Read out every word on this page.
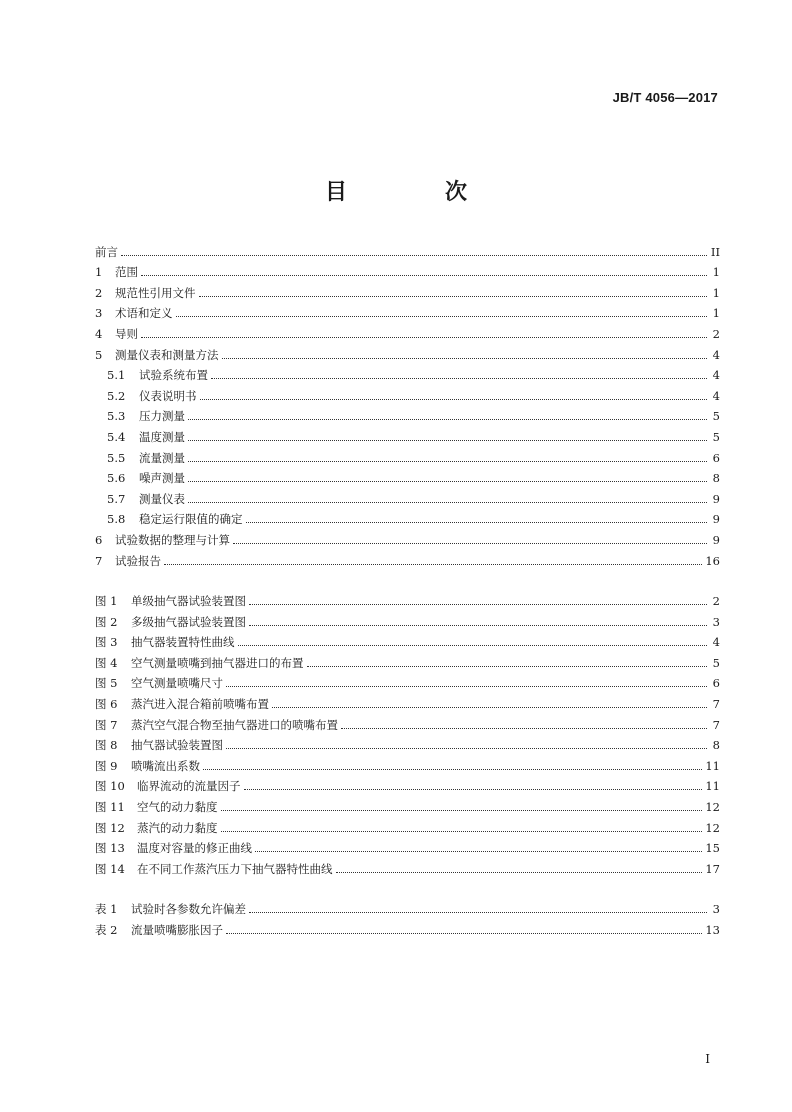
JB/T 4056—2017
目　次
前言	II
1	范围	1
2	规范性引用文件	1
3	术语和定义	1
4	导则	2
5	测量仪表和测量方法	4
5.1	试验系统布置	4
5.2	仪表说明书	4
5.3	压力测量	5
5.4	温度测量	5
5.5	流量测量	6
5.6	噪声测量	8
5.7	测量仪表	9
5.8	稳定运行限值的确定	9
6	试验数据的整理与计算	9
7	试验报告	16
图 1	单级抽气器试验装置图	2
图 2	多级抽气器试验装置图	3
图 3	抽气器装置特性曲线	4
图 4	空气测量喷嘴到抽气器进口的布置	5
图 5	空气测量喷嘴尺寸	6
图 6	蒸汽进入混合箱前喷嘴布置	7
图 7	蒸汽空气混合物至抽气器进口的喷嘴布置	7
图 8	抽气器试验装置图	8
图 9	喷嘴流出系数	11
图 10	临界流动的流量因子	11
图 11	空气的动力黏度	12
图 12	蒸汽的动力黏度	12
图 13	温度对容量的修正曲线	15
图 14	在不同工作蒸汽压力下抽气器特性曲线	17
表 1	试验时各参数允许偏差	3
表 2	流量喷嘴膨胀因子	13
I
